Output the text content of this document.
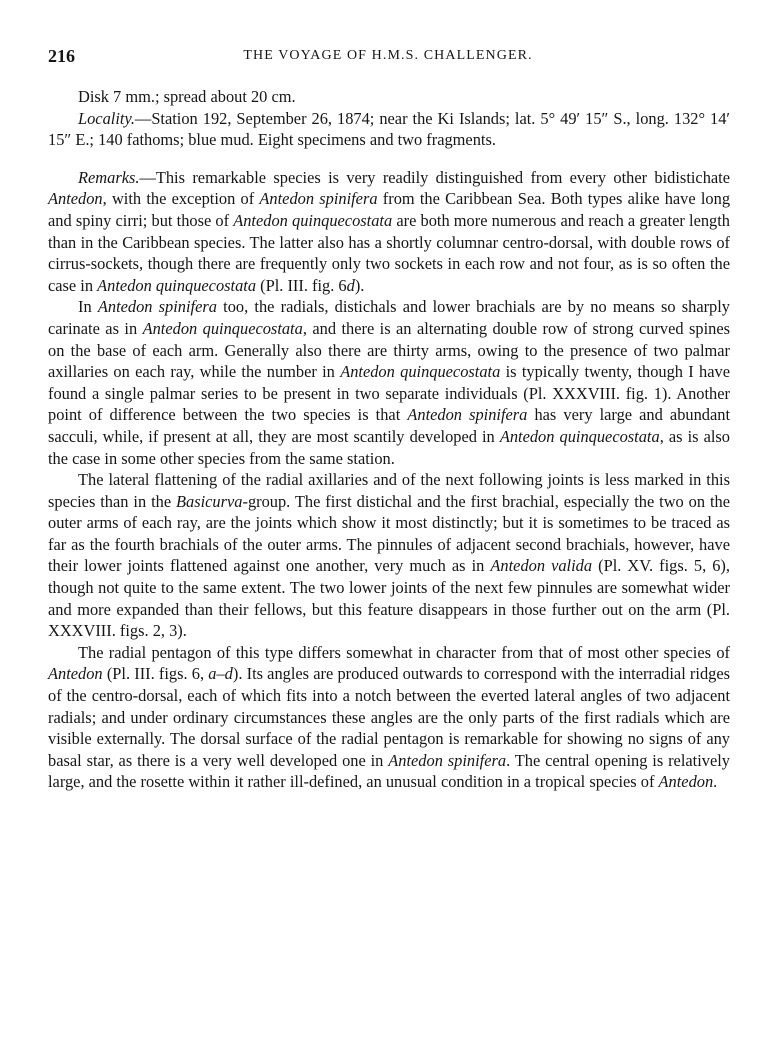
216	THE VOYAGE OF H.M.S. CHALLENGER.

Disk 7 mm.; spread about 20 cm.

Locality.—Station 192, September 26, 1874; near the Ki Islands; lat. 5° 49′ 15″ S., long. 132° 14′ 15″ E.; 140 fathoms; blue mud. Eight specimens and two fragments.

Remarks.—This remarkable species is very readily distinguished from every other bidistichate Antedon, with the exception of Antedon spinifera from the Caribbean Sea. Both types alike have long and spiny cirri; but those of Antedon quinquecostata are both more numerous and reach a greater length than in the Caribbean species. The latter also has a shortly columnar centro-dorsal, with double rows of cirrus-sockets, though there are frequently only two sockets in each row and not four, as is so often the case in Antedon quinquecostata (Pl. III. fig. 6d).

In Antedon spinifera too, the radials, distichals and lower brachials are by no means so sharply carinate as in Antedon quinquecostata, and there is an alternating double row of strong curved spines on the base of each arm. Generally also there are thirty arms, owing to the presence of two palmar axillaries on each ray, while the number in Antedon quinquecostata is typically twenty, though I have found a single palmar series to be present in two separate individuals (Pl. XXXVIII. fig. 1). Another point of difference between the two species is that Antedon spinifera has very large and abundant sacculi, while, if present at all, they are most scantily developed in Antedon quinquecostata, as is also the case in some other species from the same station.

The lateral flattening of the radial axillaries and of the next following joints is less marked in this species than in the Basicurva-group. The first distichal and the first brachial, especially the two on the outer arms of each ray, are the joints which show it most distinctly; but it is sometimes to be traced as far as the fourth brachials of the outer arms. The pinnules of adjacent second brachials, however, have their lower joints flattened against one another, very much as in Antedon valida (Pl. XV. figs. 5, 6), though not quite to the same extent. The two lower joints of the next few pinnules are somewhat wider and more expanded than their fellows, but this feature disappears in those further out on the arm (Pl. XXXVIII. figs. 2, 3).

The radial pentagon of this type differs somewhat in character from that of most other species of Antedon (Pl. III. figs. 6, a–d). Its angles are produced outwards to correspond with the interradial ridges of the centro-dorsal, each of which fits into a notch between the everted lateral angles of two adjacent radials; and under ordinary circumstances these angles are the only parts of the first radials which are visible externally. The dorsal surface of the radial pentagon is remarkable for showing no signs of any basal star, as there is a very well developed one in Antedon spinifera. The central opening is relatively large, and the rosette within it rather ill-defined, an unusual condition in a tropical species of Antedon.
